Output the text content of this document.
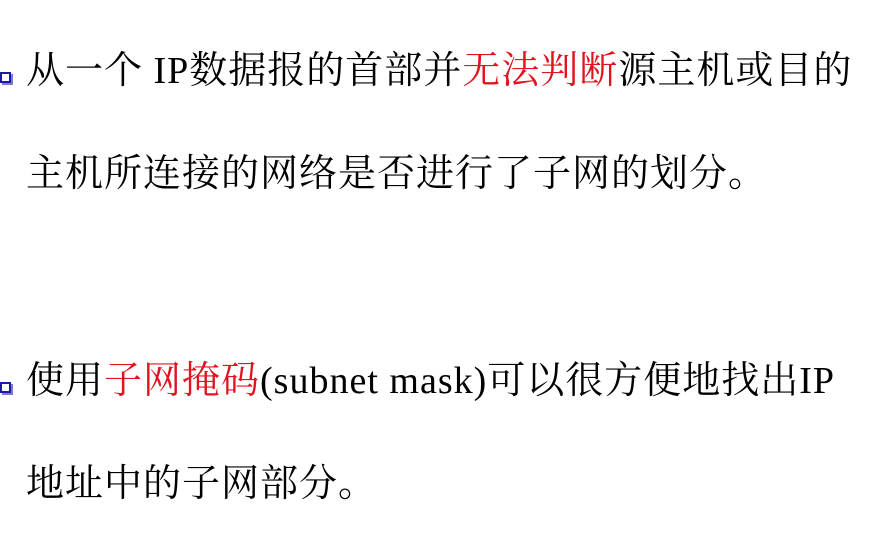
从一个 IP数据报的首部并无法判断源主机或目的主机所连接的网络是否进行了子网的划分。
使用子网掩码(subnet mask)可以很方便地找出IP 地址中的子网部分。
